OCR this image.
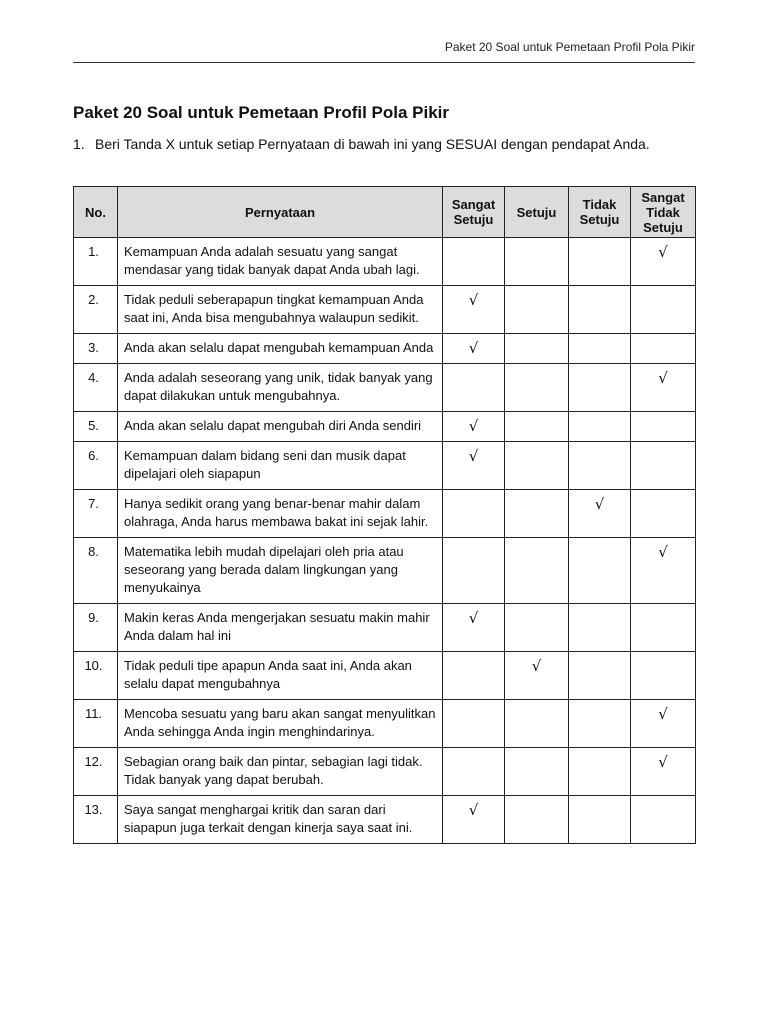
Paket 20 Soal untuk Pemetaan Profil Pola Pikir
Paket 20 Soal untuk Pemetaan Profil Pola Pikir
1. Beri Tanda X untuk setiap Pernyataan di bawah ini yang SESUAI dengan pendapat Anda.
No.	Pernyataan	Sangat Setuju	Setuju	Tidak Setuju	Sangat Tidak Setuju
1.	Kemampuan Anda adalah sesuatu yang sangat mendasar yang tidak banyak dapat Anda ubah lagi.				√
2.	Tidak peduli seberapapun tingkat kemampuan Anda saat ini, Anda bisa mengubahnya walaupun sedikit.	√			
3.	Anda akan selalu dapat mengubah kemampuan Anda	√			
4.	Anda adalah seseorang yang unik, tidak banyak yang dapat dilakukan untuk mengubahnya.				√
5.	Anda akan selalu dapat mengubah diri Anda sendiri	√			
6.	Kemampuan dalam bidang seni dan musik dapat dipelajari oleh siapapun	√			
7.	Hanya sedikit orang yang benar-benar mahir dalam olahraga, Anda harus membawa bakat ini sejak lahir.			√	
8.	Matematika lebih mudah dipelajari oleh pria atau seseorang yang berada dalam lingkungan yang menyukainya				√
9.	Makin keras Anda mengerjakan sesuatu makin mahir Anda dalam hal ini	√			
10.	Tidak peduli tipe apapun Anda saat ini, Anda akan selalu dapat mengubahnya		√		
11.	Mencoba sesuatu yang baru akan sangat menyulitkan Anda sehingga Anda ingin menghindarinya.				√
12.	Sebagian orang baik dan pintar, sebagian lagi tidak. Tidak banyak yang dapat berubah.				√
13.	Saya sangat menghargai kritik dan saran dari siapapun juga terkait dengan kinerja saya saat ini.	√			
